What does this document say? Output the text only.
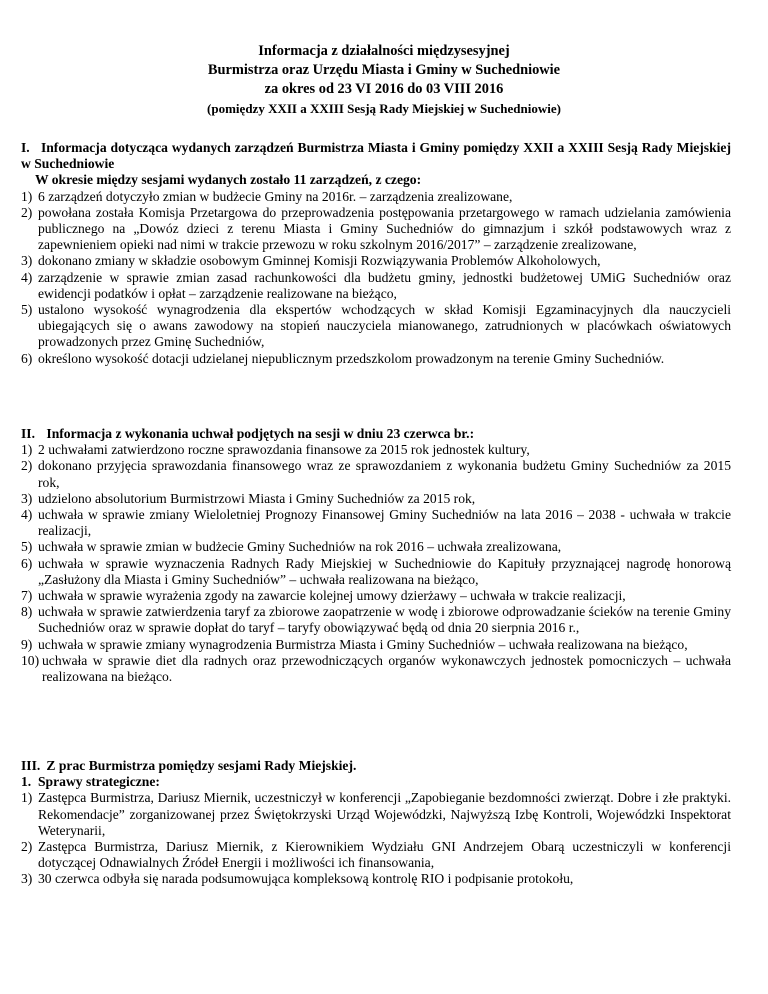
Informacja z działalności międzysesyjnej
Burmistrza oraz Urzędu Miasta i Gminy w Suchedniowie
za okres od 23 VI 2016 do 03 VIII 2016
(pomiędzy XXII a XXIII Sesją Rady Miejskiej w Suchedniowie)
I. Informacja dotycząca wydanych zarządzeń Burmistrza Miasta i Gminy pomiędzy XXII a XXIII Sesją Rady Miejskiej w Suchedniowie
W okresie między sesjami wydanych zostało 11 zarządzeń, z czego:
1) 6 zarządzeń dotyczyło zmian w budżecie Gminy na 2016r. – zarządzenia zrealizowane,
2) powołana została Komisja Przetargowa do przeprowadzenia postępowania przetargowego w ramach udzielania zamówienia publicznego na „Dowóz dzieci z terenu Miasta i Gminy Suchedniów do gimnazjum i szkół podstawowych wraz z zapewnieniem opieki nad nimi w trakcie przewozu w roku szkolnym 2016/2017” – zarządzenie zrealizowane,
3) dokonano zmiany w składzie osobowym Gminnej Komisji Rozwiązywania Problemów Alkoholowych,
4) zarządzenie w sprawie zmian zasad rachunkowości dla budżetu gminy, jednostki budżetowej UMiG Suchedniów oraz ewidencji podatków i opłat – zarządzenie realizowane na bieżąco,
5) ustalono wysokość wynagrodzenia dla ekspertów wchodzących w skład Komisji Egzaminacyjnych dla nauczycieli ubiegających się o awans zawodowy na stopień nauczyciela mianowanego, zatrudnionych w placówkach oświatowych prowadzonych przez Gminę Suchedniów,
6) określono wysokość dotacji udzielanej niepublicznym przedszkolom prowadzonym na terenie Gminy Suchedniów.
II. Informacja z wykonania uchwał podjętych na sesji w dniu 23 czerwca br.:
1) 2 uchwałami zatwierdzono roczne sprawozdania finansowe za 2015 rok jednostek kultury,
2) dokonano przyjęcia sprawozdania finansowego wraz ze sprawozdaniem z wykonania budżetu Gminy Suchedniów za 2015 rok,
3) udzielono absolutorium Burmistrzowi Miasta i Gminy Suchedniów za 2015 rok,
4) uchwała w sprawie zmiany Wieloletniej Prognozy Finansowej Gminy Suchedniów na lata 2016 – 2038 - uchwała w trakcie realizacji,
5) uchwała w sprawie zmian w budżecie Gminy Suchedniów na rok 2016 – uchwała zrealizowana,
6) uchwała w sprawie wyznaczenia Radnych Rady Miejskiej w Suchedniowie do Kapituły przyznającej nagrodę honorową „Zasłużony dla Miasta i Gminy Suchedniów” – uchwała realizowana na bieżąco,
7) uchwała w sprawie wyrażenia zgody na zawarcie kolejnej umowy dzierżawy – uchwała w trakcie realizacji,
8) uchwała w sprawie zatwierdzenia taryf za zbiorowe zaopatrzenie w wodę i zbiorowe odprowadzanie ścieków na terenie Gminy Suchedniów oraz w sprawie dopłat do taryf – taryfy obowiązywać będą od dnia 20 sierpnia 2016 r.,
9) uchwała w sprawie zmiany wynagrodzenia Burmistrza Miasta i Gminy Suchedniów – uchwała realizowana na bieżąco,
10) uchwała w sprawie diet dla radnych oraz przewodniczących organów wykonawczych jednostek pomocniczych – uchwała realizowana na bieżąco.
III. Z prac Burmistrza pomiędzy sesjami Rady Miejskiej.
1. Sprawy strategiczne:
1) Zastępca Burmistrza, Dariusz Miernik, uczestniczył w konferencji „Zapobieganie bezdomności zwierząt. Dobre i złe praktyki. Rekomendacje” zorganizowanej przez Świętokrzyski Urząd Wojewódzki, Najwyższą Izbę Kontroli, Wojewódzki Inspektorat Weterynarii,
2) Zastępca Burmistrza, Dariusz Miernik, z Kierownikiem Wydziału GNI Andrzejem Obarą uczestniczyli w konferencji dotyczącej Odnawialnych Źródeł Energii i możliwości ich finansowania,
3) 30 czerwca odbyła się narada podsumowująca kompleksową kontrolę RIO i podpisanie protokołu,
